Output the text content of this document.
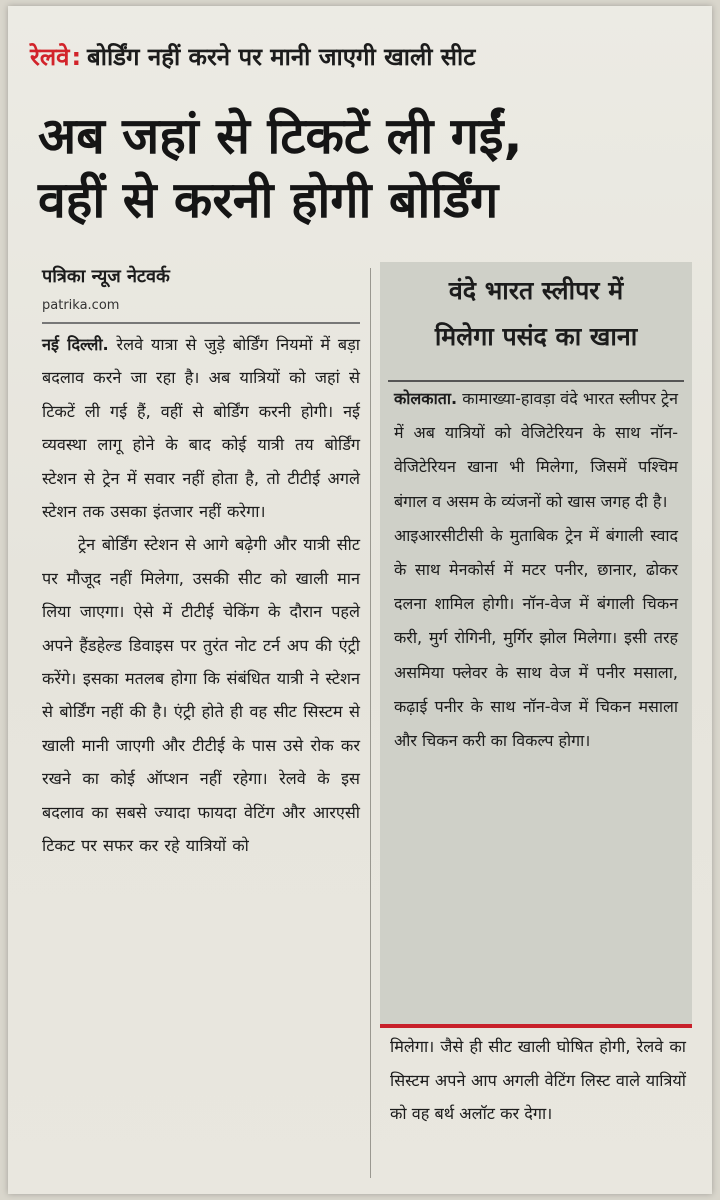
रेलवे: बोर्डिंग नहीं करने पर मानी जाएगी खाली सीट
अब जहां से टिकटें ली गईं,
वहीं से करनी होगी बोर्डिंग
पत्रिका न्यूज नेटवर्क
patrika.com

नई दिल्ली. रेलवे यात्रा से जुड़े बोर्डिंग नियमों में बड़ा बदलाव करने जा रहा है। अब यात्रियों को जहां से टिकटें ली गई हैं, वहीं से बोर्डिंग करनी होगी। नई व्यवस्था लागू होने के बाद कोई यात्री तय बोर्डिंग स्टेशन से ट्रेन में सवार नहीं होता है, तो टीटीई अगले स्टेशन तक उसका इंतजार नहीं करेगा।

ट्रेन बोर्डिंग स्टेशन से आगे बढ़ेगी और यात्री सीट पर मौजूद नहीं मिलेगा, उसकी सीट को खाली मान लिया जाएगा। ऐसे में टीटीई चेकिंग के दौरान पहले अपने हैंडहेल्ड डिवाइस पर तुरंत नोट टर्न अप की एंट्री करेंगे। इसका मतलब होगा कि संबंधित यात्री ने स्टेशन से बोर्डिंग नहीं की है। एंट्री होते ही वह सीट सिस्टम से खाली मानी जाएगी और टीटीई के पास उसे रोक कर रखने का कोई ऑप्शन नहीं रहेगा। रेलवे के इस बदलाव का सबसे ज्यादा फायदा वेटिंग और आरएसी टिकट पर सफर कर रहे यात्रियों को

वंदे भारत स्लीपर में
मिलेगा पसंद का खाना

कोलकाता. कामाख्या-हावड़ा वंदे भारत स्लीपर ट्रेन में अब यात्रियों को वेजिटेरियन के साथ नॉन-वेजिटेरियन खाना भी मिलेगा, जिसमें पश्चिम बंगाल व असम के व्यंजनों को खास जगह दी है।

आइआरसीटीसी के मुताबिक ट्रेन में बंगाली स्वाद के साथ मेनकोर्स में मटर पनीर, छानार, ढोकर दलना शामिल होगी। नॉन-वेज में बंगाली चिकन करी, मुर्ग रोगिनी, मुर्गिर झोल मिलेगा। इसी तरह असमिया फ्लेवर के साथ वेज में पनीर मसाला, कढ़ाई पनीर के साथ नॉन-वेज में चिकन मसाला और चिकन करी का विकल्प होगा।

मिलेगा। जैसे ही सीट खाली घोषित होगी, रेलवे का सिस्टम अपने आप अगली वेटिंग लिस्ट वाले यात्रियों को वह बर्थ अलॉट कर देगा।
